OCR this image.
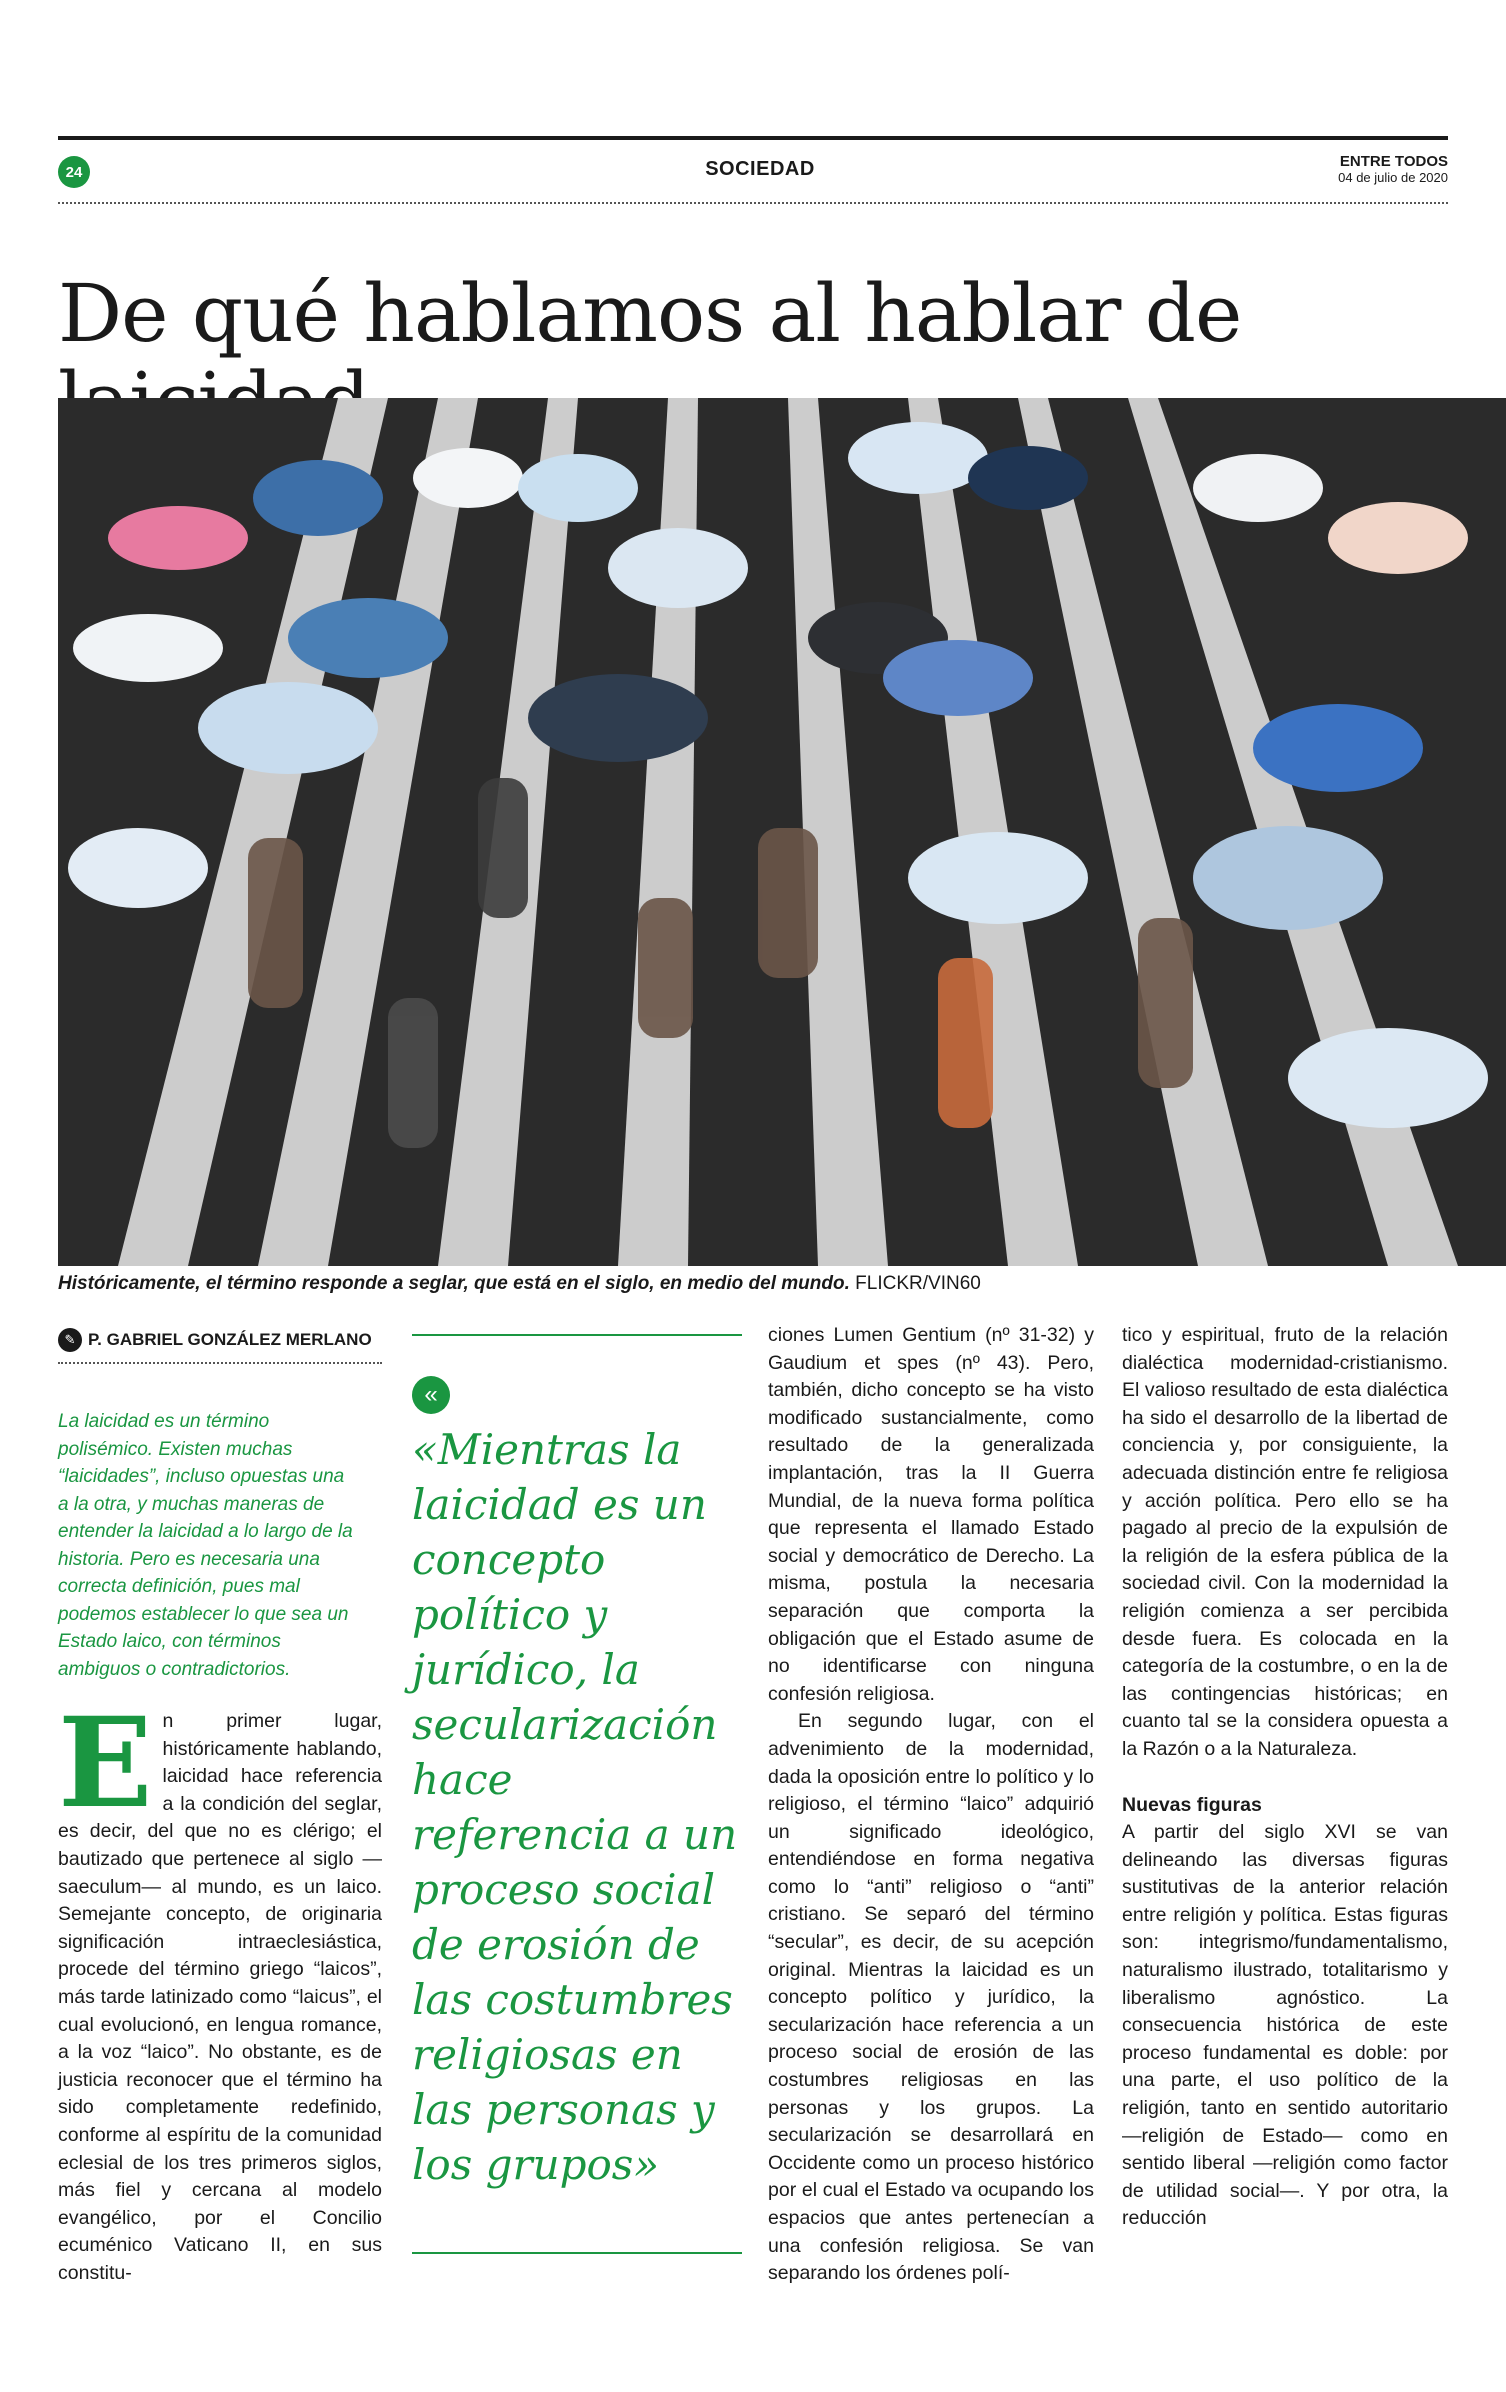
24	SOCIEDAD	ENTRE TODOS
04 de julio de 2020
De qué hablamos al hablar de
Históricamente, el término responde a seglar, que está en el siglo, en medio del mundo. FLICKR/VIN60
✎ P. GABRIEL GONZÁLEZ MERLANO

La laicidad es un término polisémico. Existen muchas “laicidades”, incluso opuestas una a la otra, y muchas maneras de entender la laicidad a lo largo de la historia. Pero es necesaria una correcta definición, pues mal podemos establecer lo que sea un Estado laico, con términos ambiguos o contradictorios.

E n primer lugar, históricamente hablando, laicidad hace referencia a la condición del seglar, es decir, del que no es clérigo; el bautizado que pertenece al siglo —saeculum— al mundo, es un laico. Semejante concepto, de originaria significación intraeclesiástica, procede del término griego “laicos”, más tarde latinizado como “laicus”, el cual evolucionó, en lengua romance, a la voz “laico”. No obstante, es de justicia reconocer que el término ha sido completamente redefinido, conforme al espíritu de la comunidad eclesial de los tres primeros siglos, más fiel y cercana al modelo evangélico, por el Concilio ecuménico Vaticano II, en sus constitu-

«

«Mientras la laicidad es un concepto político y jurídico, la secularización hace referencia a un proceso social de erosión de las costumbres religiosas en las personas y los grupos»

ciones Lumen Gentium (nº 31-32) y Gaudium et spes (nº 43). Pero, también, dicho concepto se ha visto modificado sustancialmente, como resultado de la generalizada implantación, tras la II Guerra Mundial, de la nueva forma política que representa el llamado Estado social y democrático de Derecho. La misma, postula la necesaria separación que comporta la obligación que el Estado asume de no identificarse con ninguna confesión religiosa.

En segundo lugar, con el advenimiento de la modernidad, dada la oposición entre lo político y lo religioso, el término “laico” adquirió un significado ideológico, entendiéndose en forma negativa como lo “anti” religioso o “anti” cristiano. Se separó del término “secular”, es decir, de su acepción original. Mientras la laicidad es un concepto político y jurídico, la secularización hace referencia a un proceso social de erosión de las costumbres religiosas en las personas y los grupos. La secularización se desarrollará en Occidente como un proceso histórico por el cual el Estado va ocupando los espacios que antes pertenecían a una confesión religiosa. Se van separando los órdenes polí-

tico y espiritual, fruto de la relación dialéctica modernidad-cristianismo. El valioso resultado de esta dialéctica ha sido el desarrollo de la libertad de conciencia y, por consiguiente, la adecuada distinción entre fe religiosa y acción política. Pero ello se ha pagado al precio de la expulsión de la religión de la esfera pública de la sociedad civil. Con la modernidad la religión comienza a ser percibida desde fuera. Es colocada en la categoría de la costumbre, o en la de las contingencias históricas; en cuanto tal se la considera opuesta a la Razón o a la Naturaleza.

Nuevas figuras

A partir del siglo XVI se van delineando las diversas figuras sustitutivas de la anterior relación entre religión y política. Estas figuras son: integrismo/fundamentalismo, naturalismo ilustrado, totalitarismo y liberalismo agnóstico. La consecuencia histórica de este proceso fundamental es doble: por una parte, el uso político de la religión, tanto en sentido autoritario —religión de Estado— como en sentido liberal —religión como factor de utilidad social—. Y por otra, la reducción
